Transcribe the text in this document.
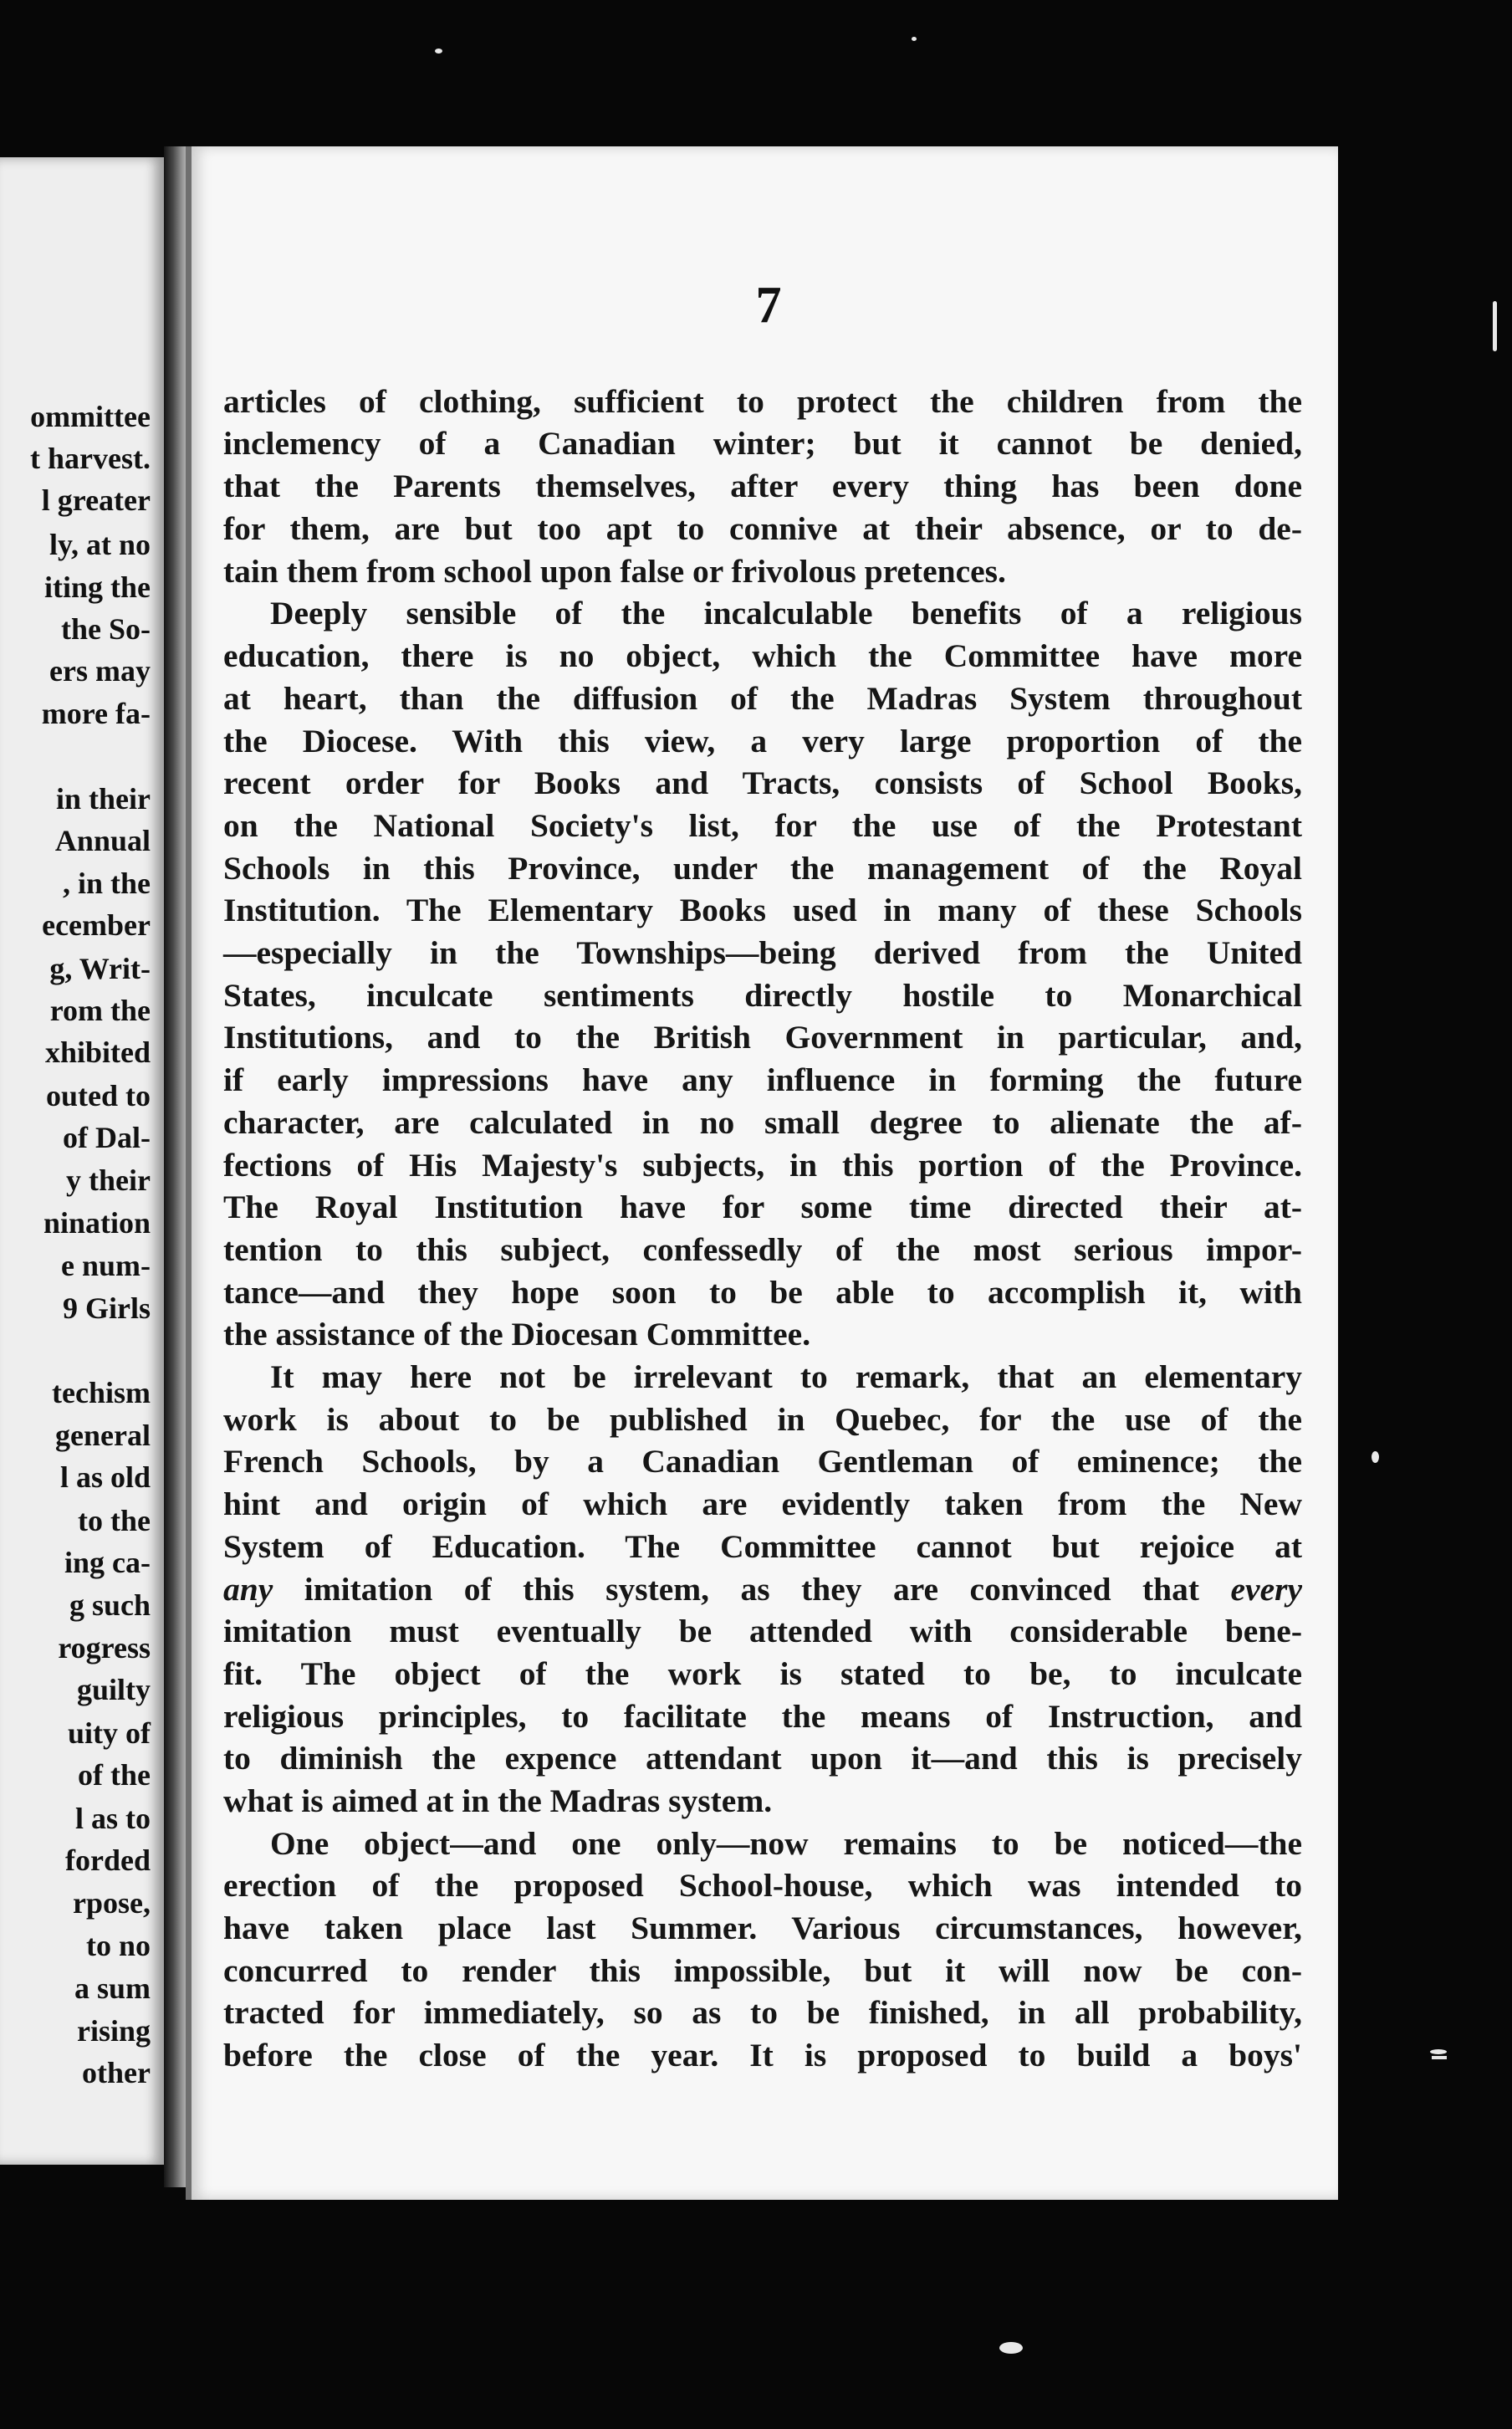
ommittee
t harvest.
l greater
ly, at no
iting the
the So-
ers may
more fa-
in their
Annual
, in the
ecember
g, Writ-
rom the
xhibited
outed to
of Dal-
y their
nination
e num-
9 Girls
techism
general
l as old
to the
ing ca-
g such
rogress
guilty
uity of
of the
l as to
forded
rpose,
to no
a sum
rising
other
7
articles of clothing, sufficient to protect the children from the
inclemency of a Canadian winter; but it cannot be denied,
that the Parents themselves, after every thing has been done
for them, are but too apt to connive at their absence, or to de-
tain them from school upon false or frivolous pretences.
Deeply sensible of the incalculable benefits of a religious
education, there is no object, which the Committee have more
at heart, than the diffusion of the Madras System throughout
the Diocese. With this view, a very large proportion of the
recent order for Books and Tracts, consists of School Books,
on the National Society's list, for the use of the Protestant
Schools in this Province, under the management of the Royal
Institution. The Elementary Books used in many of these Schools
—especially in the Townships—being derived from the United
States, inculcate sentiments directly hostile to Monarchical
Institutions, and to the British Government in particular, and,
if early impressions have any influence in forming the future
character, are calculated in no small degree to alienate the af-
fections of His Majesty's subjects, in this portion of the Province.
The Royal Institution have for some time directed their at-
tention to this subject, confessedly of the most serious impor-
tance—and they hope soon to be able to accomplish it, with
the assistance of the Diocesan Committee.
It may here not be irrelevant to remark, that an elementary
work is about to be published in Quebec, for the use of the
French Schools, by a Canadian Gentleman of eminence; the
hint and origin of which are evidently taken from the New
System of Education. The Committee cannot but rejoice at
any imitation of this system, as they are convinced that every
imitation must eventually be attended with considerable bene-
fit. The object of the work is stated to be, to inculcate
religious principles, to facilitate the means of Instruction, and
to diminish the expence attendant upon it—and this is precisely
what is aimed at in the Madras system.
One object—and one only—now remains to be noticed—the
erection of the proposed School-house, which was intended to
have taken place last Summer. Various circumstances, however,
concurred to render this impossible, but it will now be con-
tracted for immediately, so as to be finished, in all probability,
before the close of the year. It is proposed to build a boys'
